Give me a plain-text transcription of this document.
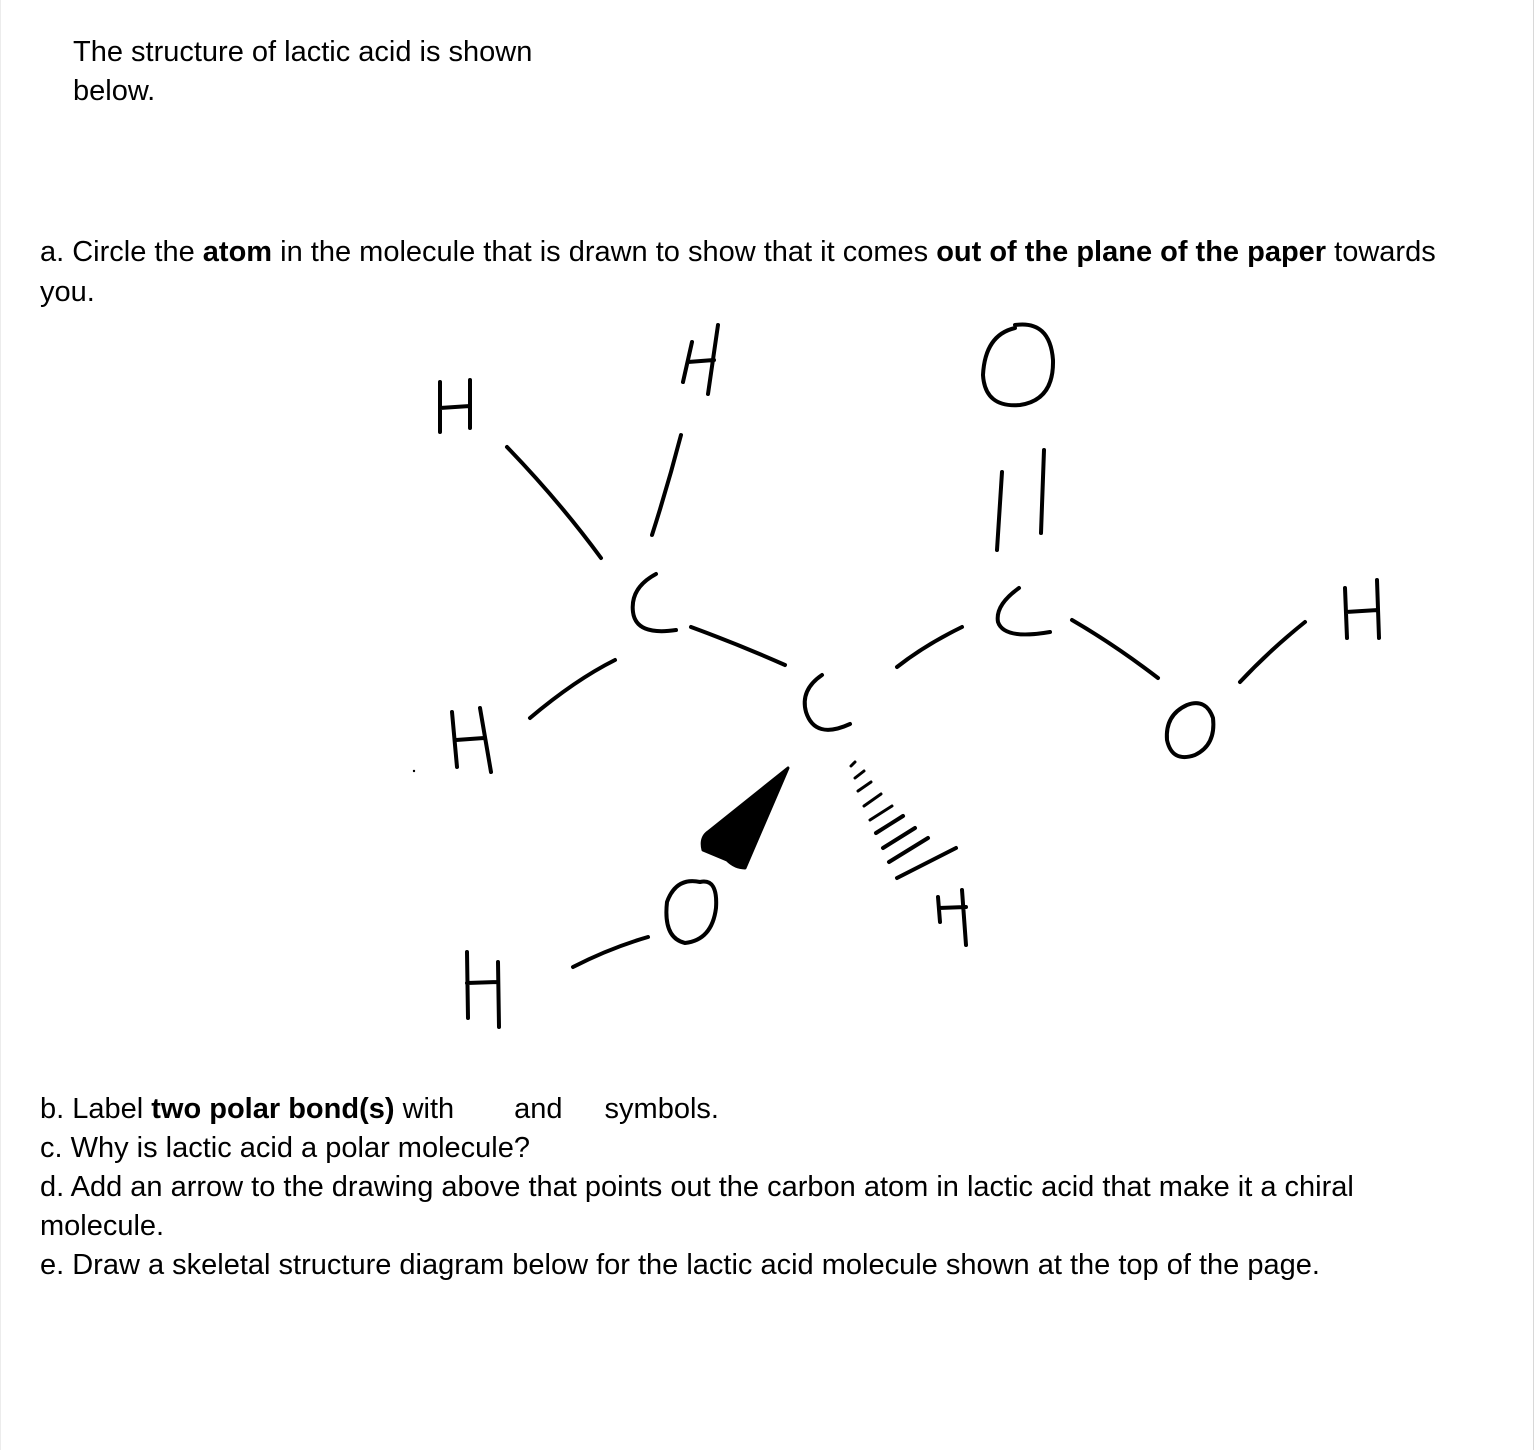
The structure of lactic acid is shown below.

a. Circle the atom in the molecule that is drawn to show that it comes out of the plane of the paper towards you.

b. Label two polar bond(s) with and symbols.

c. Why is lactic acid a polar molecule?

d. Add an arrow to the drawing above that points out the carbon atom in lactic acid that make it a chiral molecule.

e. Draw a skeletal structure diagram below for the lactic acid molecule shown at the top of the page.
